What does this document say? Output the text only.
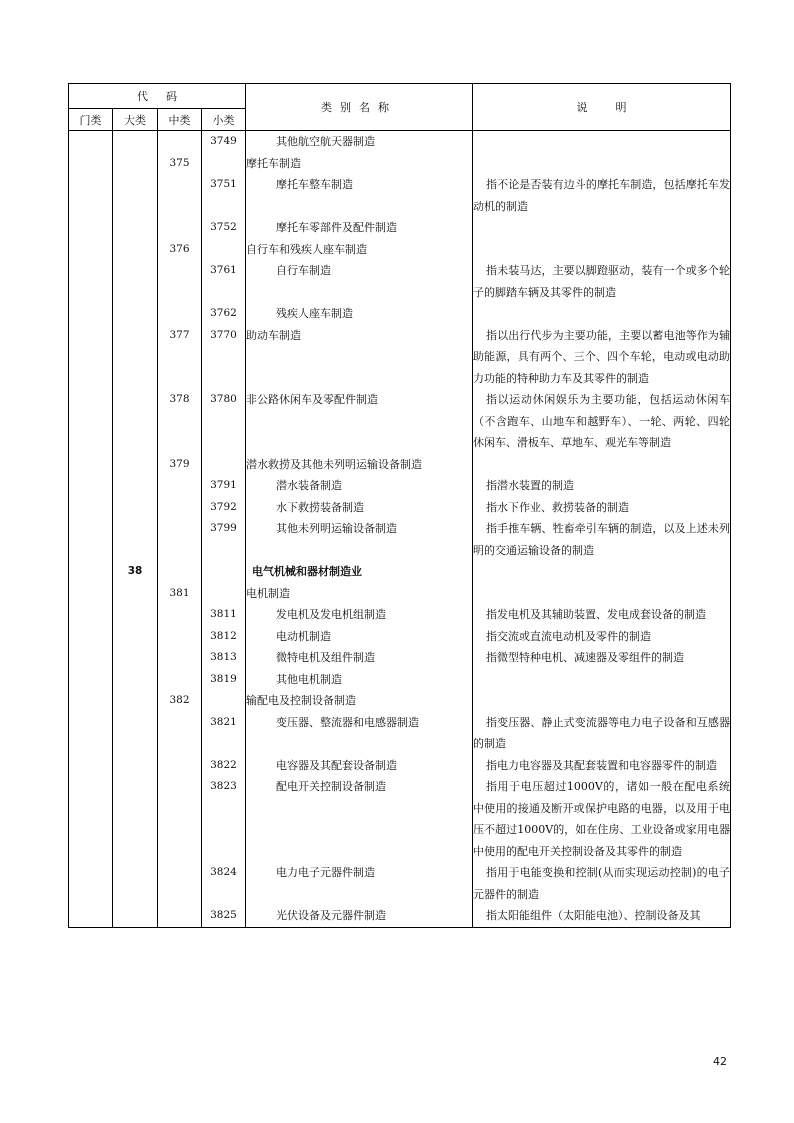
代码				类别名称	说明
门类	大类	中类	小类		
			3749	其他航空航天器制造	
		375		摩托车制造	
			3751	摩托车整车制造	指不论是否装有边斗的摩托车制造，包括摩托车发动机的制造
			3752	摩托车零部件及配件制造	
		376		自行车和残疾人座车制造	
			3761	自行车制造	指未装马达，主要以脚蹬驱动，装有一个或多个轮子的脚踏车辆及其零件的制造
			3762	残疾人座车制造	
		377	3770	助动车制造	指以出行代步为主要功能，主要以蓄电池等作为辅助能源，具有两个、三个、四个车轮，电动或电动助力功能的特种助力车及其零件的制造
		378	3780	非公路休闲车及零配件制造	指以运动休闲娱乐为主要功能，包括运动休闲车（不含跑车、山地车和越野车）、一轮、两轮、四轮休闲车、滑板车、草地车、观光车等制造
		379		潜水救捞及其他未列明运输设备制造	
			3791	潜水装备制造	指潜水装置的制造
			3792	水下救捞装备制造	指水下作业、救捞装备的制造
			3799	其他未列明运输设备制造	指手推车辆、牲畜牵引车辆的制造，以及上述未列明的交通运输设备的制造
	38			电气机械和器材制造业	
		381		电机制造	
			3811	发电机及发电机组制造	指发电机及其辅助装置、发电成套设备的制造
			3812	电动机制造	指交流或直流电动机及零件的制造
			3813	微特电机及组件制造	指微型特种电机、减速器及零组件的制造
			3819	其他电机制造	
		382		输配电及控制设备制造	
			3821	变压器、整流器和电感器制造	指变压器、静止式变流器等电力电子设备和互感器的制造
			3822	电容器及其配套设备制造	指电力电容器及其配套装置和电容器零件的制造
			3823	配电开关控制设备制造	指用于电压超过1000V的，诸如一般在配电系统中使用的接通及断开或保护电路的电器，以及用于电压不超过1000V的，如在住房、工业设备或家用电器中使用的配电开关控制设备及其零件的制造
			3824	电力电子元器件制造	指用于电能变换和控制(从而实现运动控制)的电子元器件的制造
			3825	光伏设备及元器件制造	指太阳能组件（太阳能电池）、控制设备及其
42
